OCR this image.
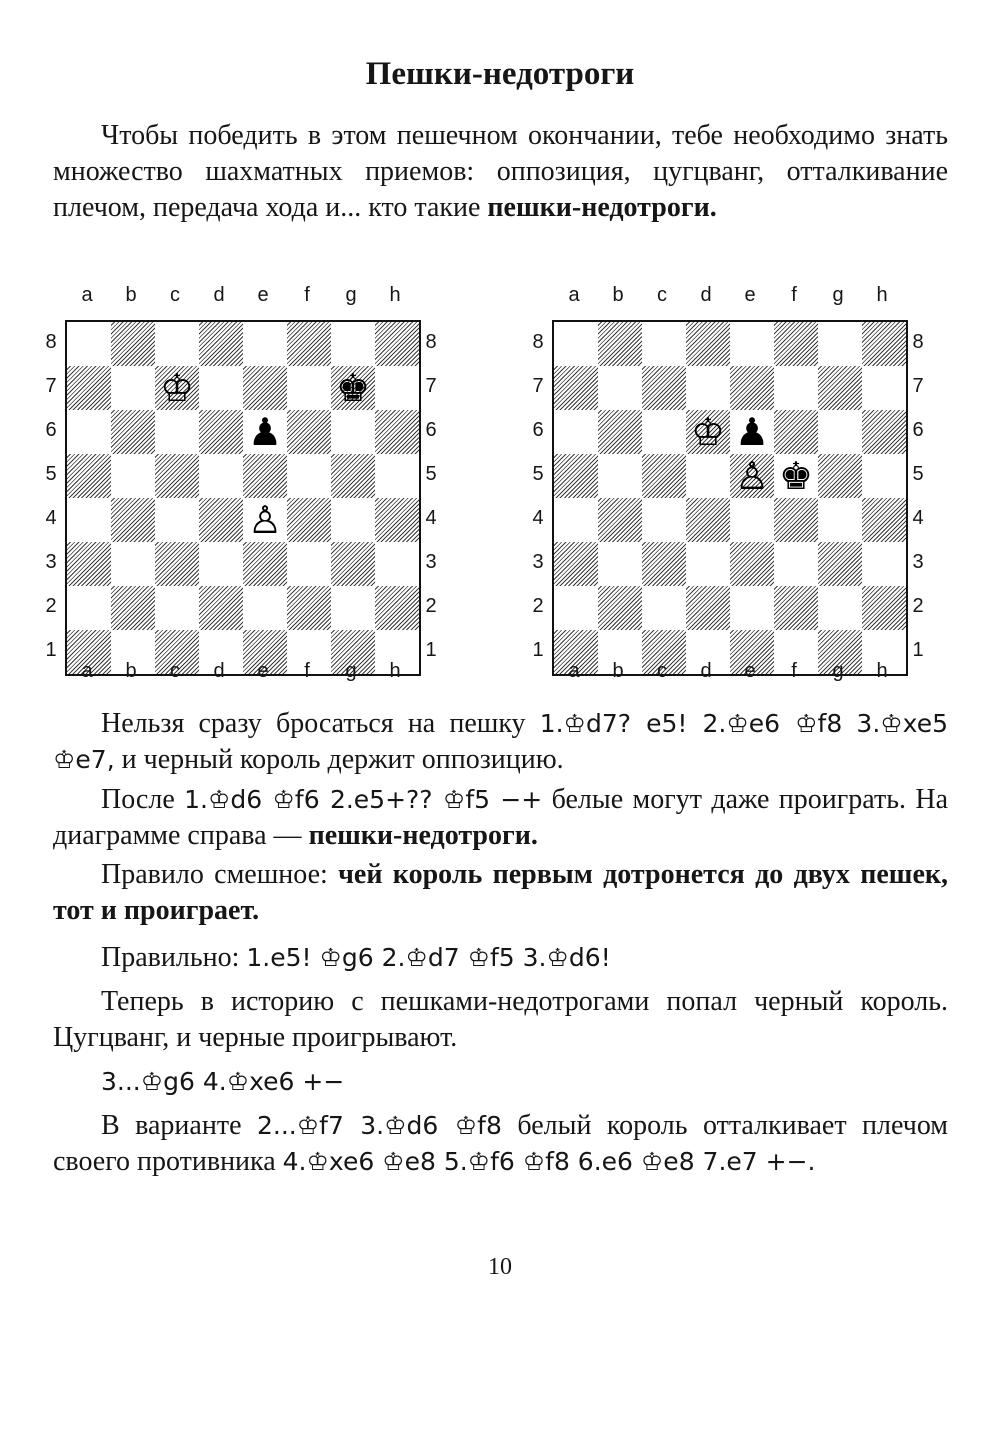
Пешки-недотроги
Чтобы победить в этом пешечном окончании, тебе необходимо знать множество шахматных приемов: оппозиция, цугцванг, отталкивание плечом, передача хода и... кто такие пешки-недотроги.
a	b	c	d	e	f	g	h
8
7
6
5
4
3
2
1
♔	♚
♟
♙
8
7
6
5
4
3
2
1
a	b	c	d	e	f	g	h
a	b	c	d	e	f	g	h
8
7
6
5
4
3
2
1
♔ ♟
♙ ♚
8
7
6
5
4
3
2
1
a	b	c	d	e	f	g	h
Нельзя сразу бросаться на пешку 1.♔d7? e5! 2.♔e6 ♔f8 3.♔xe5 ♔e7, и черный король держит оппозицию.
После 1.♔d6 ♔f6 2.e5+?? ♔f5 −+ белые могут даже проиграть. На диаграмме справа — пешки-недотроги.
Правило смешное: чей король первым дотронется до двух пешек, тот и проиграет.
Правильно: 1.e5! ♔g6 2.♔d7 ♔f5 3.♔d6!
Теперь в историю с пешками-недотрогами попал черный король. Цугцванг, и черные проигрывают.
3...♔g6 4.♔xe6 +−
В варианте 2...♔f7 3.♔d6 ♔f8 белый король отталкивает плечом своего противника 4.♔xe6 ♔e8 5.♔f6 ♔f8 6.e6 ♔e8 7.e7 +−.
10
